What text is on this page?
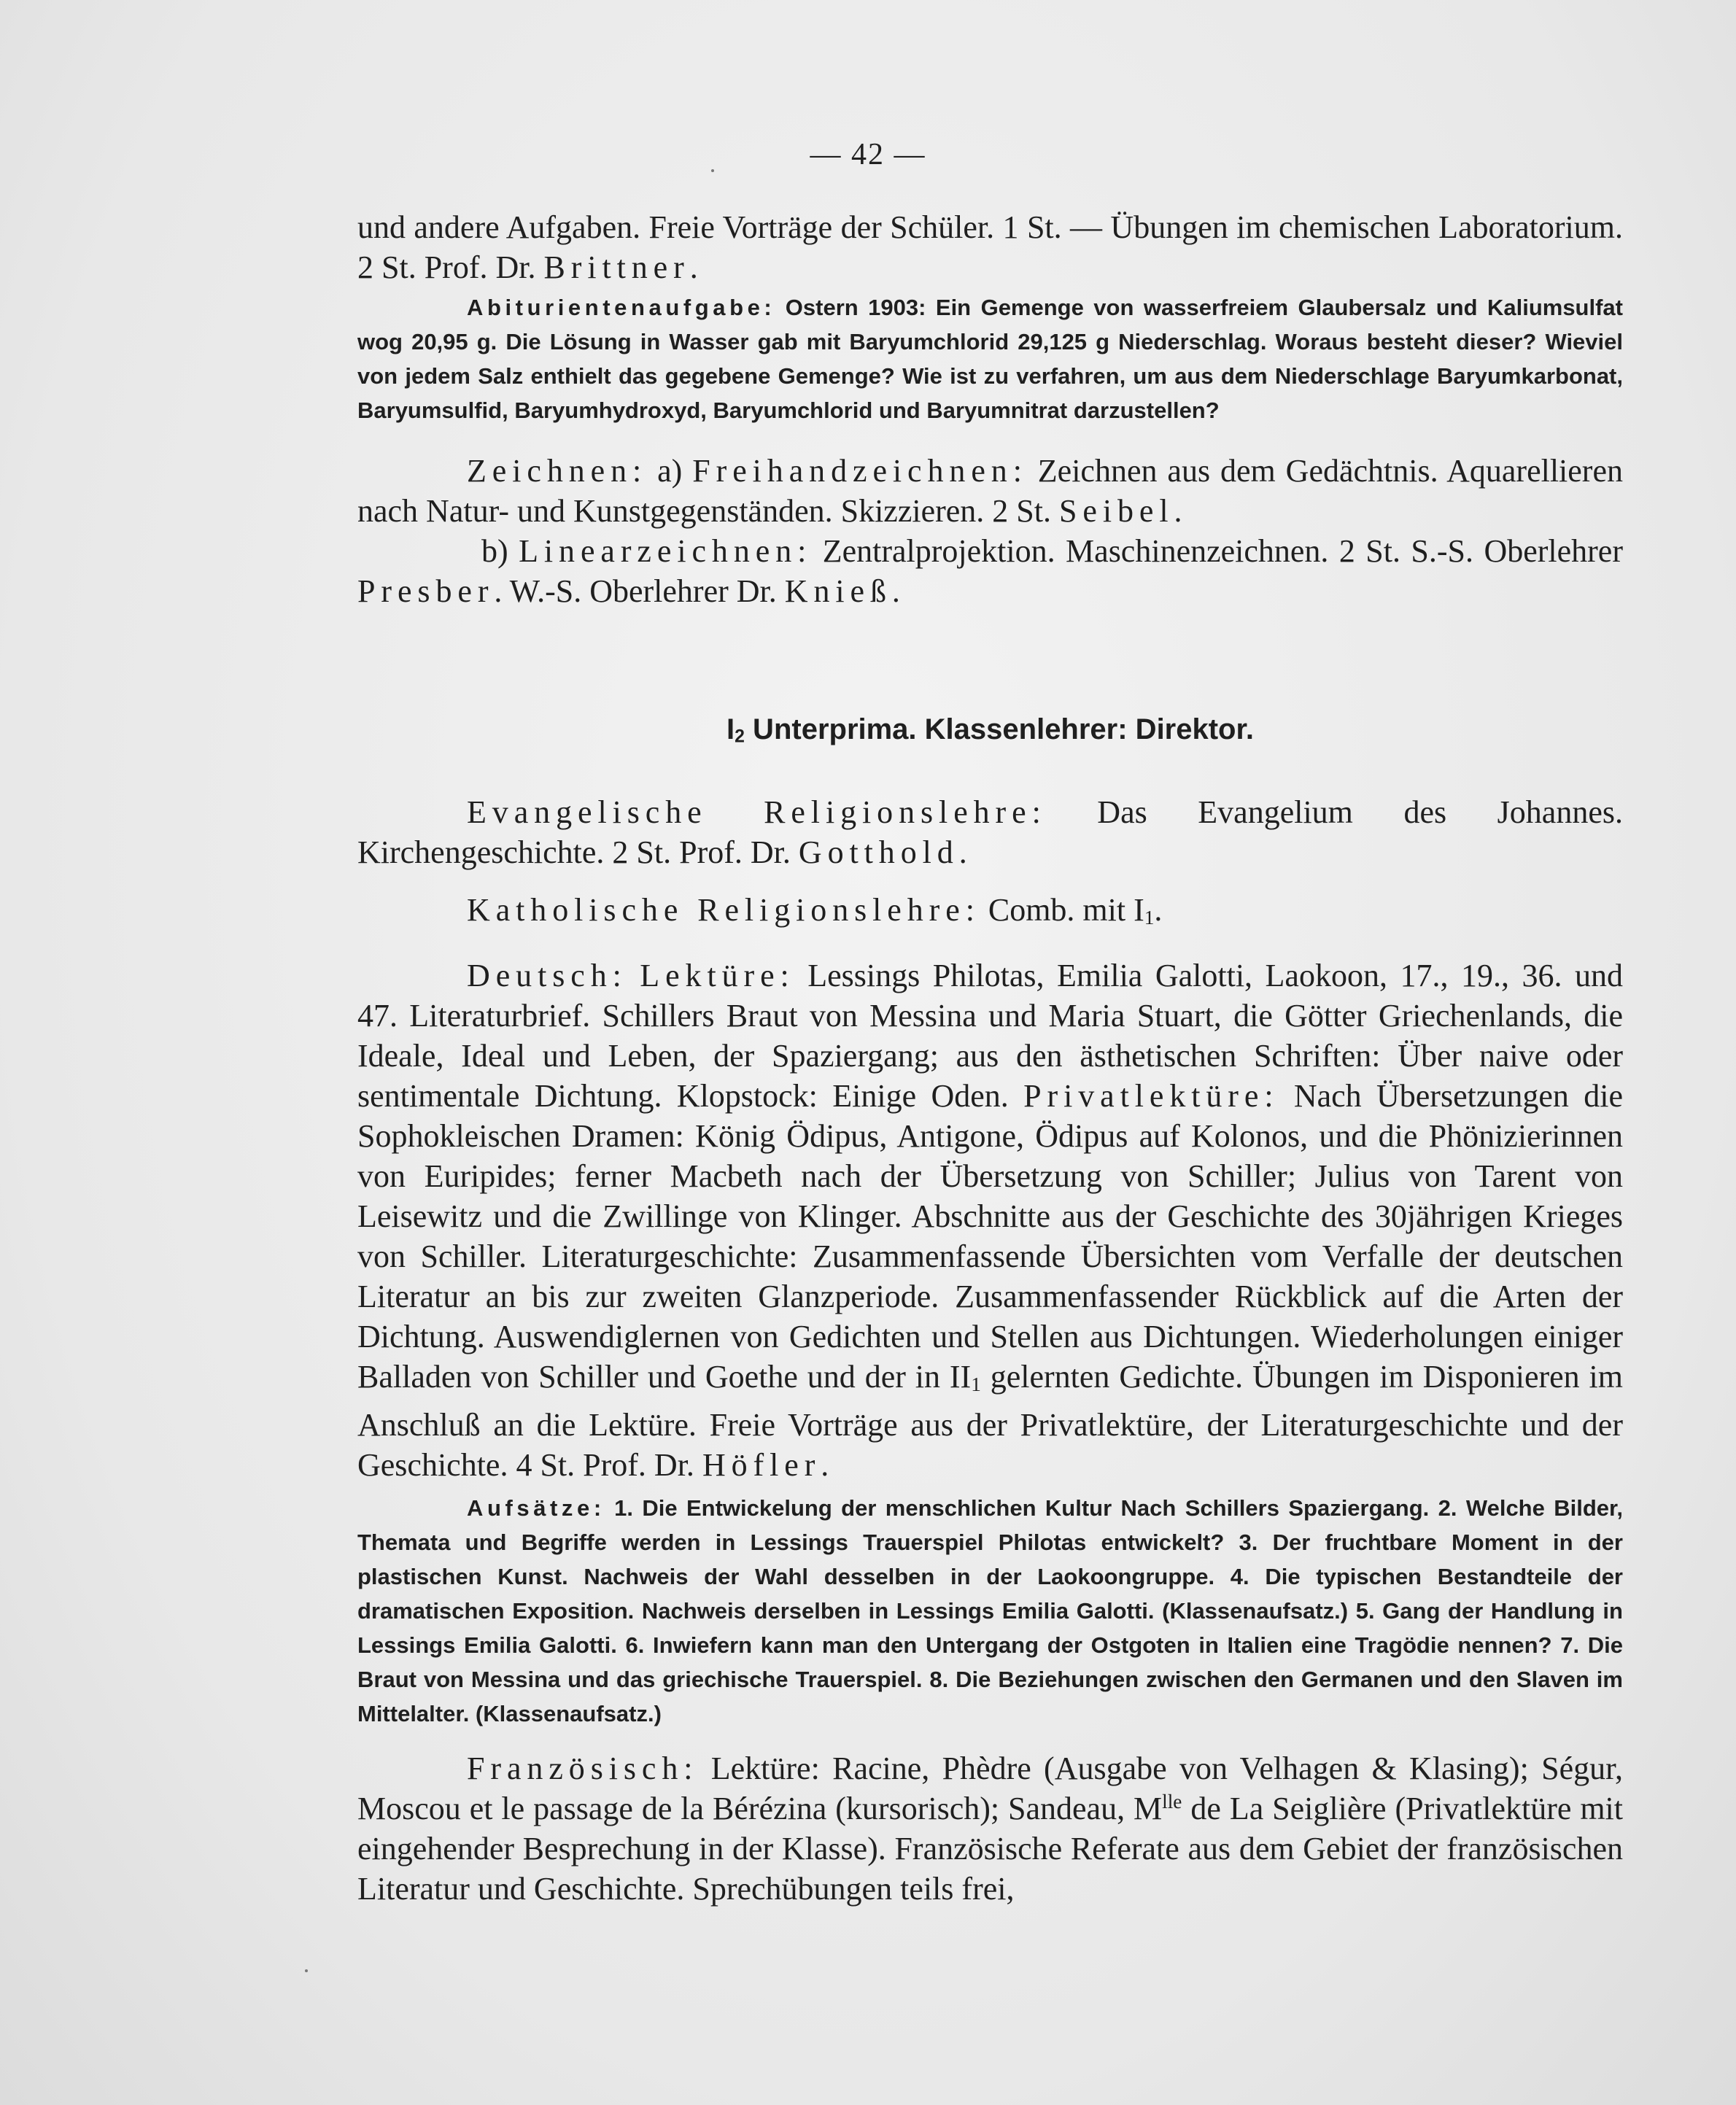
— 42 —

und andere Aufgaben. Freie Vorträge der Schüler. 1 St. — Übungen im chemischen Laboratorium. 2 St. Prof. Dr. Brittner.

Abiturientenaufgabe: Ostern 1903: Ein Gemenge von wasserfreiem Glaubersalz und Kaliumsulfat wog 20,95 g. Die Lösung in Wasser gab mit Baryumchlorid 29,125 g Niederschlag. Woraus besteht dieser? Wieviel von jedem Salz enthielt das gegebene Gemenge? Wie ist zu verfahren, um aus dem Niederschlage Baryumkarbonat, Baryumsulfid, Baryumhydroxyd, Baryumchlorid und Baryumnitrat darzustellen?

Zeichnen: a) Freihandzeichnen: Zeichnen aus dem Gedächtnis. Aquarellieren nach Natur- und Kunstgegenständen. Skizzieren. 2 St. Seibel.

b) Linearzeichnen: Zentralprojektion. Maschinenzeichnen. 2 St. S.-S. Oberlehrer Presber. W.-S. Oberlehrer Dr. Knieß.

$I_2$ Unterprima. Klassenlehrer: Direktor.

Evangelische Religionslehre: Das Evangelium des Johannes. Kirchengeschichte. 2 St. Prof. Dr. Gotthold.

Katholische Religionslehre: Comb. mit $I_1$.

Deutsch: Lektüre: Lessings Philotas, Emilia Galotti, Laokoon, 17., 19., 36. und 47. Literaturbrief. Schillers Braut von Messina und Maria Stuart, die Götter Griechenlands, die Ideale, Ideal und Leben, der Spaziergang; aus den ästhetischen Schriften: Über naive oder sentimentale Dichtung. Klopstock: Einige Oden. Privatlektüre: Nach Übersetzungen die Sophokleischen Dramen: König Ödipus, Antigone, Ödipus auf Kolonos, und die Phönizierinnen von Euripides; ferner Macbeth nach der Übersetzung von Schiller; Julius von Tarent von Leisewitz und die Zwillinge von Klinger. Abschnitte aus der Geschichte des 30jährigen Krieges von Schiller. Literaturgeschichte: Zusammenfassende Übersichten vom Verfalle der deutschen Literatur an bis zur zweiten Glanzperiode. Zusammenfassender Rückblick auf die Arten der Dichtung. Auswendiglernen von Gedichten und Stellen aus Dichtungen. Wiederholungen einiger Balladen von Schiller und Goethe und der in $II_1$ gelernten Gedichte. Übungen im Disponieren im Anschluß an die Lektüre. Freie Vorträge aus der Privatlektüre, der Literaturgeschichte und der Geschichte. 4 St. Prof. Dr. Höfler.

Aufsätze: 1. Die Entwickelung der menschlichen Kultur Nach Schillers Spaziergang. 2. Welche Bilder, Themata und Begriffe werden in Lessings Trauerspiel Philotas entwickelt? 3. Der fruchtbare Moment in der plastischen Kunst. Nachweis der Wahl desselben in der Laokoongruppe. 4. Die typischen Bestandteile der dramatischen Exposition. Nachweis derselben in Lessings Emilia Galotti. (Klassenaufsatz.) 5. Gang der Handlung in Lessings Emilia Galotti. 6. Inwiefern kann man den Untergang der Ostgoten in Italien eine Tragödie nennen? 7. Die Braut von Messina und das griechische Trauerspiel. 8. Die Beziehungen zwischen den Germanen und den Slaven im Mittelalter. (Klassenaufsatz.)

Französisch: Lektüre: Racine, Phèdre (Ausgabe von Velhagen & Klasing); Ségur, Moscou et le passage de la Bérézina (kursorisch); Sandeau, $M^{lle}$ de La Seiglière (Privatlektüre mit eingehender Besprechung in der Klasse). Französische Referate aus dem Gebiet der französischen Literatur und Geschichte. Sprechübungen teils frei,
